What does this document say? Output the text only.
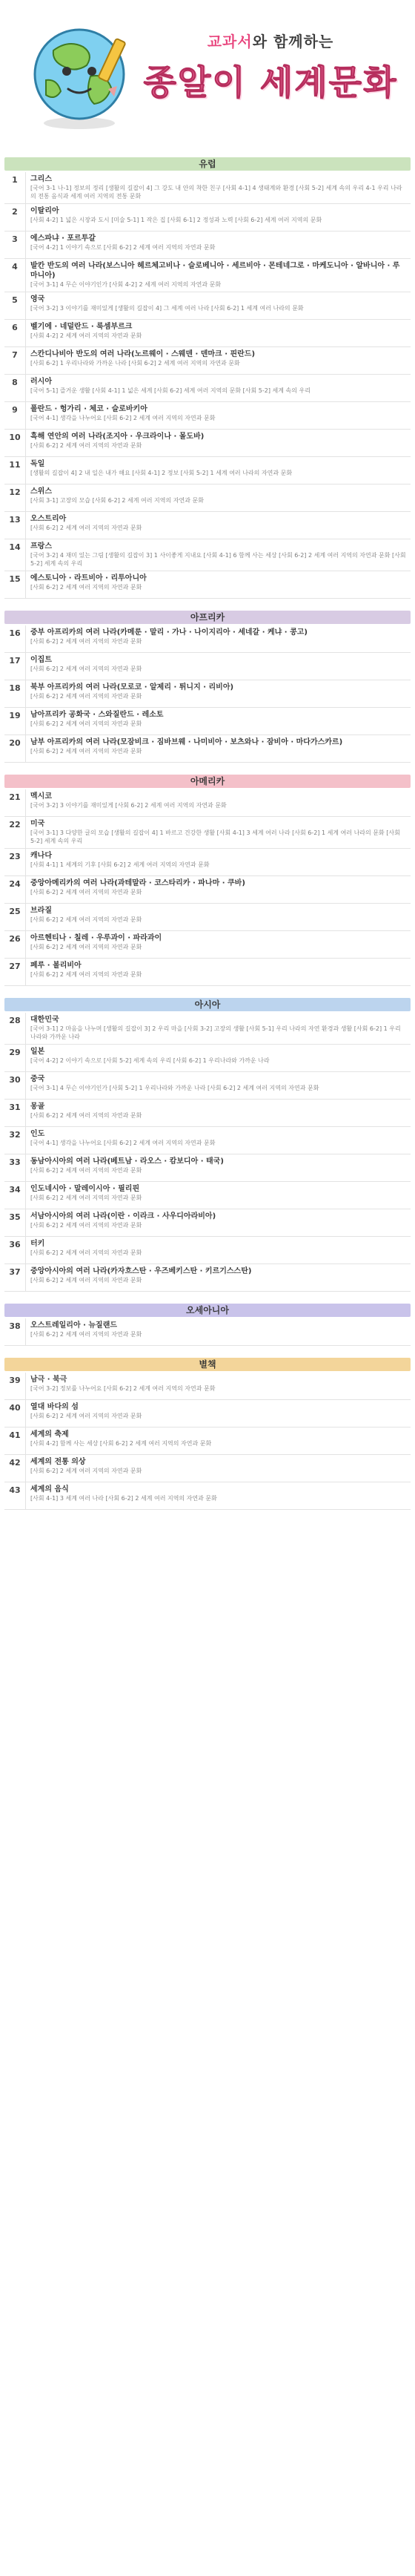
교과서와 함께하는
종알이 세계문화
유럽
1	그리스
[국어 3-1 나-1] 정보의 정리 [생활의 길잡이 4] 그 강도 내 안의 착한 친구 [사회 4-1] 4 생태계와 환경 [사회 5-2] 세계 속의 우리 4-1 우리 나라의 전통 음식과 세계 여러 지역의 전통 문화
2	이탈리아
[사회 4-2] 1 넓은 시장과 도시 [미술 5-1] 1 작은 집 [사회 6-1] 2 정성과 노력 [사회 6-2] 세계 여러 지역의 문화
3	에스파냐 · 포르투갈
[국어 4-2] 1 이야기 속으로 [사회 6-2] 2 세계 여러 지역의 자연과 문화
4	발칸 반도의 여러 나라(보스니아 헤르체고비나 · 슬로베니아 · 세르비아 · 몬테네그로 · 마케도니아 · 알바니아 · 루마니아)
[국어 3-1] 4 무슨 이야기인가 [사회 4-2] 2 세계 여러 지역의 자연과 문화
5	영국
[국어 3-2] 3 이야기를 재미있게 [생활의 길잡이 4] 그 세계 여러 나라 [사회 6-2] 1 세계 여러 나라의 문화
6	벨기에 · 네덜란드 · 룩셈부르크
[사회 4-2] 2 세계 여러 지역의 자연과 문화
7	스칸디나비아 반도의 여러 나라(노르웨이 · 스웨덴 · 덴마크 · 핀란드)
[사회 6-2] 1 우리나라와 가까운 나라 [사회 6-2] 2 세계 여러 지역의 자연과 문화
8	러시아
[국어 5-1] 즐거운 생활 [사회 4-1] 1 넓은 세계 [사회 6-2] 세계 여러 지역의 문화 [사회 5-2] 세계 속의 우리
9	폴란드 · 헝가리 · 체코 · 슬로바키아
[국어 4-1] 생각을 나누어요 [사회 6-2] 2 세계 여러 지역의 자연과 문화
10	흑해 연안의 여러 나라(조지아 · 우크라이나 · 몰도바)
[사회 6-2] 2 세계 여러 지역의 자연과 문화
11	독일
[생활의 길잡이 4] 2 내 일은 내가 해요 [사회 4-1] 2 정보 [사회 5-2] 1 세계 여러 나라의 자연과 문화
12	스위스
[사회 3-1] 고장의 모습 [사회 6-2] 2 세계 여러 지역의 자연과 문화
13	오스트리아
[사회 6-2] 2 세계 여러 지역의 자연과 문화
14	프랑스
[국어 3-2] 4 재미 있는 그림 [생활의 길잡이 3] 1 사이좋게 지내요 [사회 4-1] 6 함께 사는 세상 [사회 6-2] 2 세계 여러 지역의 자연과 문화 [사회 5-2] 세계 속의 우리
15	에스토니아 · 라트비아 · 리투아니아
[사회 6-2] 2 세계 여러 지역의 자연과 문화
아프리카
16	중부 아프리카의 여러 나라(카메룬 · 말리 · 가나 · 나이지리아 · 세네갈 · 케냐 · 콩고)
[사회 6-2] 2 세계 여러 지역의 자연과 문화
17	이집트
[사회 6-2] 2 세계 여러 지역의 자연과 문화
18	북부 아프리카의 여러 나라(모로코 · 알제리 · 튀니지 · 리비아)
[사회 6-2] 2 세계 여러 지역의 자연과 문화
19	남아프리카 공화국 · 스와질란드 · 레소토
[사회 6-2] 2 세계 여러 지역의 자연과 문화
20	남부 아프리카의 여러 나라(모잠비크 · 짐바브웨 · 나미비아 · 보츠와나 · 잠비아 · 마다가스카르)
[사회 6-2] 2 세계 여러 지역의 자연과 문화
아메리카
21	멕시코
[국어 3-2] 3 이야기를 재미있게 [사회 6-2] 2 세계 여러 지역의 자연과 문화
22	미국
[국어 3-1] 3 다양한 글의 모습 [생활의 길잡이 4] 1 바르고 건강한 생활 [사회 4-1] 3 세계 여러 나라 [사회 6-2] 1 세계 여러 나라의 문화 [사회 5-2] 세계 속의 우리
23	캐나다
[사회 4-1] 1 세계의 기후 [사회 6-2] 2 세계 여러 지역의 자연과 문화
24	중앙아메리카의 여러 나라(과테말라 · 코스타리카 · 파나마 · 쿠바)
[사회 6-2] 2 세계 여러 지역의 자연과 문화
25	브라질
[사회 6-2] 2 세계 여러 지역의 자연과 문화
26	아르헨티나 · 칠레 · 우루과이 · 파라과이
[사회 6-2] 2 세계 여러 지역의 자연과 문화
27	페루 · 볼리비아
[사회 6-2] 2 세계 여러 지역의 자연과 문화
아시아
28	대한민국
[국어 3-1] 2 마음을 나누며 [생활의 길잡이 3] 2 우리 마을 [사회 3-2] 고장의 생활 [사회 5-1] 우리 나라의 자연 환경과 생활 [사회 6-2] 1 우리나라와 가까운 나라
29	일본
[국어 4-2] 2 이야기 속으로 [사회 5-2] 세계 속의 우리 [사회 6-2] 1 우리나라와 가까운 나라
30	중국
[국어 3-1] 4 무슨 이야기인가 [사회 5-2] 1 우리나라와 가까운 나라 [사회 6-2] 2 세계 여러 지역의 자연과 문화
31	몽골
[사회 6-2] 2 세계 여러 지역의 자연과 문화
32	인도
[국어 4-1] 생각을 나누어요 [사회 6-2] 2 세계 여러 지역의 자연과 문화
33	동남아시아의 여러 나라(베트남 · 라오스 · 캄보디아 · 태국)
[사회 6-2] 2 세계 여러 지역의 자연과 문화
34	인도네시아 · 말레이시아 · 필리핀
[사회 6-2] 2 세계 여러 지역의 자연과 문화
35	서남아시아의 여러 나라(이란 · 이라크 · 사우디아라비아)
[사회 6-2] 2 세계 여러 지역의 자연과 문화
36	터키
[사회 6-2] 2 세계 여러 지역의 자연과 문화
37	중앙아시아의 여러 나라(카자흐스탄 · 우즈베키스탄 · 키르기스스탄)
[사회 6-2] 2 세계 여러 지역의 자연과 문화
오세아니아
38	오스트레일리아 · 뉴질랜드
[사회 6-2] 2 세계 여러 지역의 자연과 문화
별책
39	남극 · 북극
[국어 3-2] 정보를 나누어요 [사회 6-2] 2 세계 여러 지역의 자연과 문화
40	열대 바다의 섬
[사회 6-2] 2 세계 여러 지역의 자연과 문화
41	세계의 축제
[사회 4-2] 함께 사는 세상 [사회 6-2] 2 세계 여러 지역의 자연과 문화
42	세계의 전통 의상
[사회 6-2] 2 세계 여러 지역의 자연과 문화
43	세계의 음식
[사회 4-1] 3 세계 여러 나라 [사회 6-2] 2 세계 여러 지역의 자연과 문화
